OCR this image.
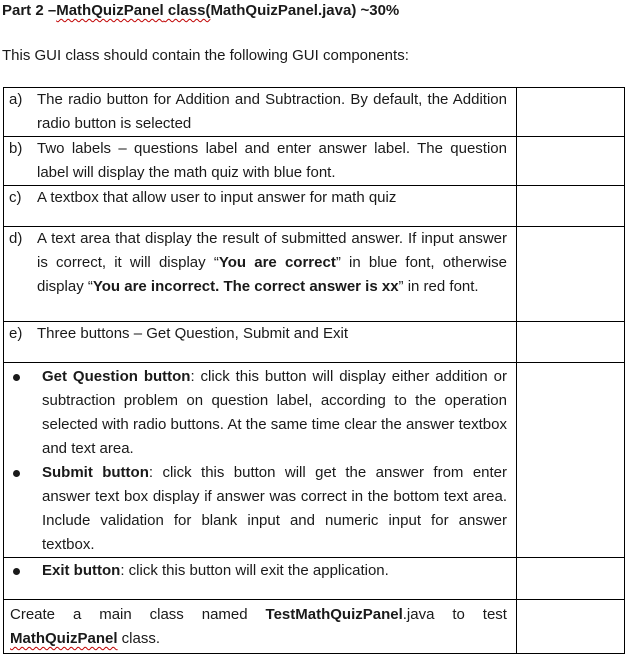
Part 2 –MathQuizPanel class(MathQuizPanel.java) ~30%
This GUI class should contain the following GUI components:
a) The radio button for Addition and Subtraction. By default, the Addition radio button is selected	

b) Two labels – questions label and enter answer label. The question label will display the math quiz with blue font.	

c) A textbox that allow user to input answer for math quiz	

d) A text area that display the result of submitted answer. If input answer is correct, it will display “You are correct” in blue font, otherwise display “You are incorrect. The correct answer is xx” in red font.	

e) Three buttons – Get Question, Submit and Exit	

Get Question button: click this button will display either addition or subtraction problem on question label, according to the operation selected with radio buttons. At the same time clear the answer textbox and text area.
Submit button: click this button will get the answer from enter answer text box display if answer was correct in the bottom text area. Include validation for blank input and numeric input for answer textbox.	

Exit button: click this button will exit the application.	

Create a main class named TestMathQuizPanel.java to test MathQuizPanel class.	
